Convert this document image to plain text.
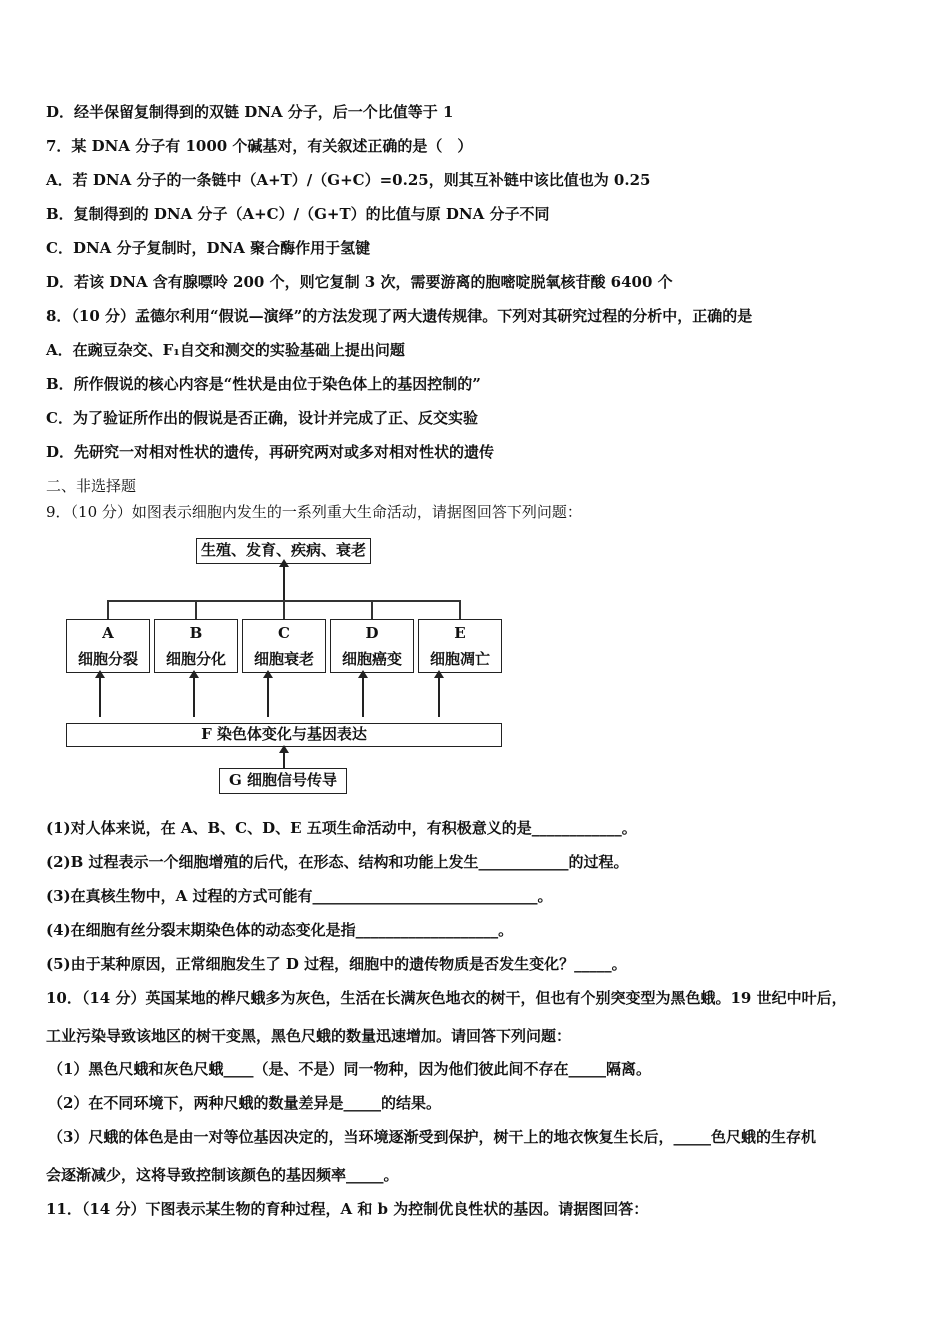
D．经半保留复制得到的双链 DNA 分子，后一个比值等于 1
7．某 DNA 分子有 1000 个碱基对，有关叙述正确的是（　）
A．若 DNA 分子的一条链中（A+T）/（G+C）=0.25，则其互补链中该比值也为 0.25
B．复制得到的 DNA 分子（A+C）/（G+T）的比值与原 DNA 分子不同
C．DNA 分子复制时，DNA 聚合酶作用于氢键
D．若该 DNA 含有腺嘌呤 200 个，则它复制 3 次，需要游离的胞嘧啶脱氧核苷酸 6400 个
8．（10 分）孟德尔利用“假说—演绎”的方法发现了两大遗传规律。下列对其研究过程的分析中，正确的是
A．在豌豆杂交、F₁自交和测交的实验基础上提出问题
B．所作假说的核心内容是“性状是由位于染色体上的基因控制的”
C．为了验证所作出的假说是否正确，设计并完成了正、反交实验
D．先研究一对相对性状的遗传，再研究两对或多对相对性状的遗传
二、非选择题
9．（10 分）如图表示细胞内发生的一系列重大生命活动，请据图回答下列问题：
生殖、发育、疾病、衰老
A
细胞分裂
B
细胞分化
C
细胞衰老
D
细胞癌变
E
细胞凋亡
F 染色体变化与基因表达
G 细胞信号传导
(1)对人体来说，在 A、B、C、D、E 五项生命活动中，有积极意义的是____________。
(2)B 过程表示一个细胞增殖的后代，在形态、结构和功能上发生____________的过程。
(3)在真核生物中，A 过程的方式可能有______________________________。
(4)在细胞有丝分裂末期染色体的动态变化是指___________________。
(5)由于某种原因，正常细胞发生了 D 过程，细胞中的遗传物质是否发生变化？_____。
10．（14 分）英国某地的桦尺蛾多为灰色，生活在长满灰色地衣的树干，但也有个别突变型为黑色蛾。19 世纪中叶后，
工业污染导致该地区的树干变黑，黑色尺蛾的数量迅速增加。请回答下列问题：
（1）黑色尺蛾和灰色尺蛾____（是、不是）同一物种，因为他们彼此间不存在_____隔离。
（2）在不同环境下，两种尺蛾的数量差异是_____的结果。
（3）尺蛾的体色是由一对等位基因决定的，当环境逐渐受到保护，树干上的地衣恢复生长后，_____色尺蛾的生存机
会逐渐减少，这将导致控制该颜色的基因频率_____。
11．（14 分）下图表示某生物的育种过程，A 和 b 为控制优良性状的基因。请据图回答：
